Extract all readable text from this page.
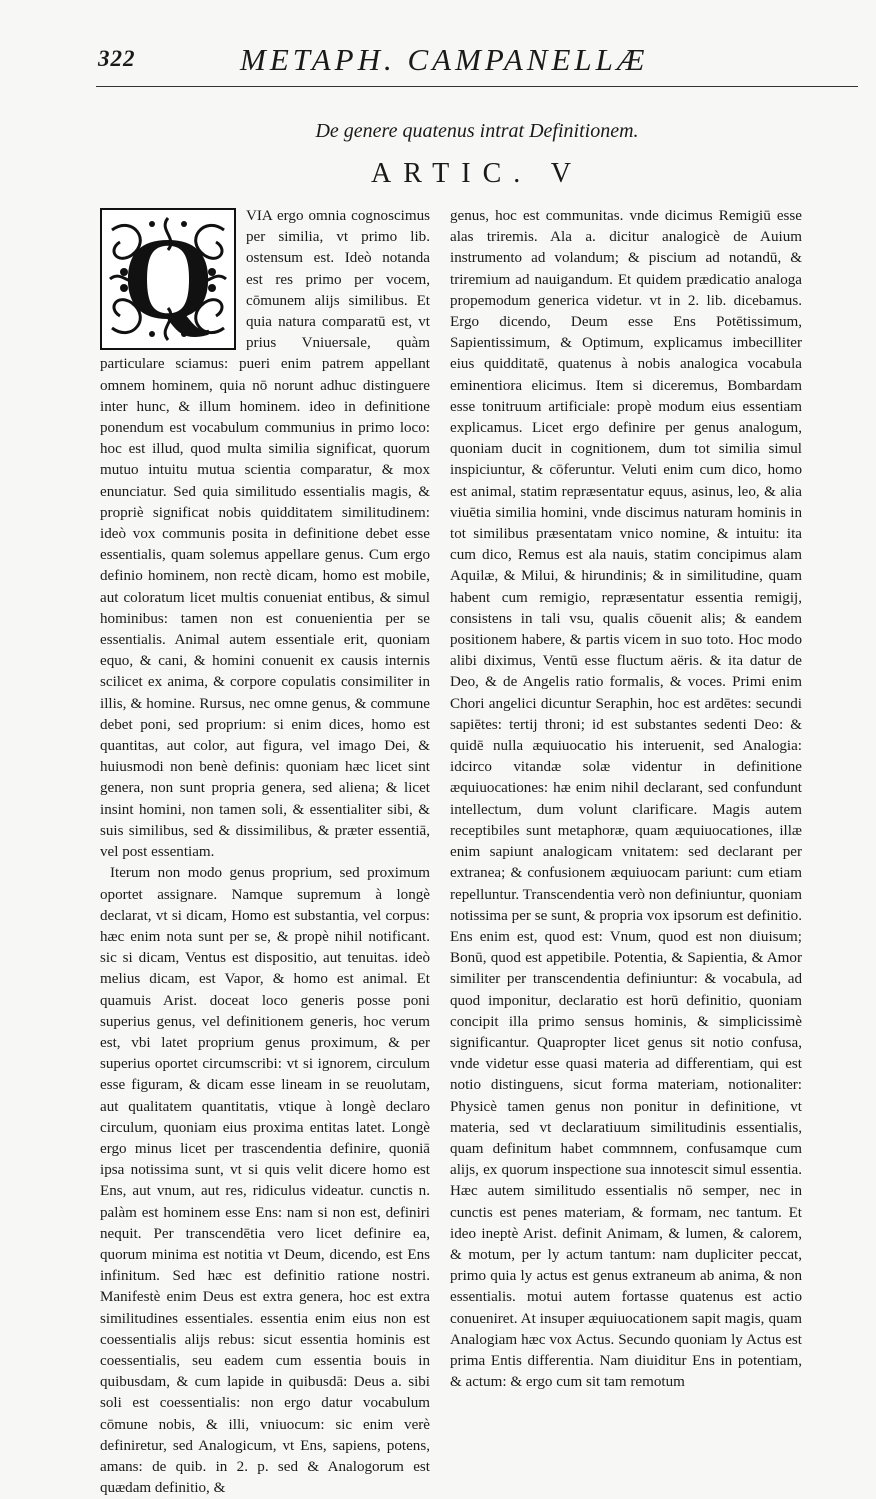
322	METAPH. CAMPANELLÆ
De genere quatenus intrat Definitionem.
ARTIC. V
Q	VIA ergo omnia cognoscimus per similia, vt primo lib. ostensum est. Ideò notanda est res primo per vocem, cōmunem alijs similibus. Et quia natura comparatū est, vt prius Vniuersale, quàm particulare sciamus: pueri enim patrem appellant omnem hominem, quia nō norunt adhuc distinguere inter hunc, & illum hominem. ideo in definitione ponendum est vocabulum communius in primo loco: hoc est illud, quod multa similia significat, quorum mutuo intuitu mutua scientia comparatur, & mox enunciatur. Sed quia similitudo essentialis magis, & propriè significat nobis quidditatem similitudinem: ideò vox communis posita in definitione debet esse essentialis, quam solemus appellare genus. Cum ergo definio hominem, non rectè dicam, homo est mobile, aut coloratum licet multis conueniat entibus, & simul hominibus: tamen non est conuenientia per se essentialis. Animal autem essentiale erit, quoniam equo, & cani, & homini conuenit ex causis internis scilicet ex anima, & corpore copulatis consimiliter in illis, & homine. Rursus, nec omne genus, & commune debet poni, sed proprium: si enim dices, homo est quantitas, aut color, aut figura, vel imago Dei, & huiusmodi non benè definis: quoniam hæc licet sint genera, non sunt propria genera, sed aliena; & licet insint homini, non tamen soli, & essentialiter sibi, & suis similibus, sed & dissimilibus, & præter essentiā, vel post essentiam.

Iterum non modo genus proprium, sed proximum oportet assignare. Namque supremum à longè declarat, vt si dicam, Homo est substantia, vel corpus: hæc enim nota sunt per se, & propè nihil notificant. sic si dicam, Ventus est dispositio, aut tenuitas. ideò melius dicam, est Vapor, & homo est animal. Et quamuis Arist. doceat loco generis posse poni superius genus, vel definitionem generis, hoc verum est, vbi latet proprium genus proximum, & per superius oportet circumscribi: vt si ignorem, circulum esse figuram, & dicam esse lineam in se reuolutam, aut qualitatem quantitatis, vtique à longè declaro circulum, quoniam eius proxima entitas latet. Longè ergo minus licet per trascendentia definire, quoniā ipsa notissima sunt, vt si quis velit dicere homo est Ens, aut vnum, aut res, ridiculus videatur. cunctis n. palàm est hominem esse Ens: nam si non est, definiri nequit. Per transcendētia vero licet definire ea, quorum minima est notitia vt Deum, dicendo, est Ens infinitum. Sed hæc est definitio ratione nostri. Manifestè enim Deus est extra genera, hoc est extra similitudines essentiales. essentia enim eius non est coessentialis alijs rebus: sicut essentia hominis est coessentialis, seu eadem cum essentia bouis in quibusdam, & cum lapide in quibusdā: Deus a. sibi soli est coessentialis: non ergo datur vocabulum cōmune nobis, & illi, vniuocum: sic enim verè definiretur, sed Analogicum, vt Ens, sapiens, potens, amans: de quib. in 2. p. sed & Analogorum est quædam definitio, &

genus, hoc est communitas. vnde dicimus Remigiū esse alas triremis. Ala a. dicitur analogicè de Auium instrumento ad volandum; & piscium ad notandū, & triremium ad nauigandum. Et quidem prædicatio analoga propemodum generica videtur. vt in 2. lib. dicebamus. Ergo dicendo, Deum esse Ens Potētissimum, Sapientissimum, & Optimum, explicamus imbecilliter eius quidditatē, quatenus à nobis analogica vocabula eminentiora elicimus. Item si diceremus, Bombardam esse tonitruum artificiale: propè modum eius essentiam explicamus. Licet ergo definire per genus analogum, quoniam ducit in cognitionem, dum tot similia simul inspiciuntur, & cōferuntur. Veluti enim cum dico, homo est animal, statim repræsentatur equus, asinus, leo, & alia viuētia similia homini, vnde discimus naturam hominis in tot similibus præsentatam vnico nomine, & intuitu: ita cum dico, Remus est ala nauis, statim concipimus alam Aquilæ, & Milui, & hirundinis; & in similitudine, quam habent cum remigio, repræsentatur essentia remigij, consistens in tali vsu, qualis cōuenit alis; & eandem positionem habere, & partis vicem in suo toto. Hoc modo alibi diximus, Ventū esse fluctum aëris. & ita datur de Deo, & de Angelis ratio formalis, & voces. Primi enim Chori angelici dicuntur Seraphin, hoc est ardētes: secundi sapiētes: tertij throni; id est substantes sedenti Deo: & quidē nulla æquiuocatio his interuenit, sed Analogia: idcirco vitandæ solæ videntur in definitione æquiuocationes: hæ enim nihil declarant, sed confundunt intellectum, dum volunt clarificare. Magis autem receptibiles sunt metaphoræ, quam æquiuocationes, illæ enim sapiunt analogicam vnitatem: sed declarant per extranea; & confusionem æquiuocam pariunt: cum etiam repelluntur. Transcendentia verò non definiuntur, quoniam notissima per se sunt, & propria vox ipsorum est definitio. Ens enim est, quod est: Vnum, quod est non diuisum; Bonū, quod est appetibile. Potentia, & Sapientia, & Amor similiter per transcendentia definiuntur: & vocabula, ad quod imponitur, declaratio est horū definitio, quoniam concipit illa primo sensus hominis, & simplicissimè significantur. Quapropter licet genus sit notio confusa, vnde videtur esse quasi materia ad differentiam, qui est notio distinguens, sicut forma materiam, notionaliter: Physicè tamen genus non ponitur in definitione, vt materia, sed vt declaratiuum similitudinis essentialis, quam definitum habet commnnem, confusamque cum alijs, ex quorum inspectione sua innotescit simul essentia. Hæc autem similitudo essentialis nō semper, nec in cunctis est penes materiam, & formam, nec tantum. Et ideo ineptè Arist. definit Animam, & lumen, & calorem, & motum, per ly actum tantum: nam dupliciter peccat, primo quia ly actus est genus extraneum ab anima, & non essentialis. motui autem fortasse quatenus est actio conueniret. At insuper æquiuocationem sapit magis, quam Analogiam hæc vox Actus. Secundo quoniam ly Actus est prima Entis differentia. Nam diuiditur Ens in potentiam, & actum: & ergo cum sit tam remotum
